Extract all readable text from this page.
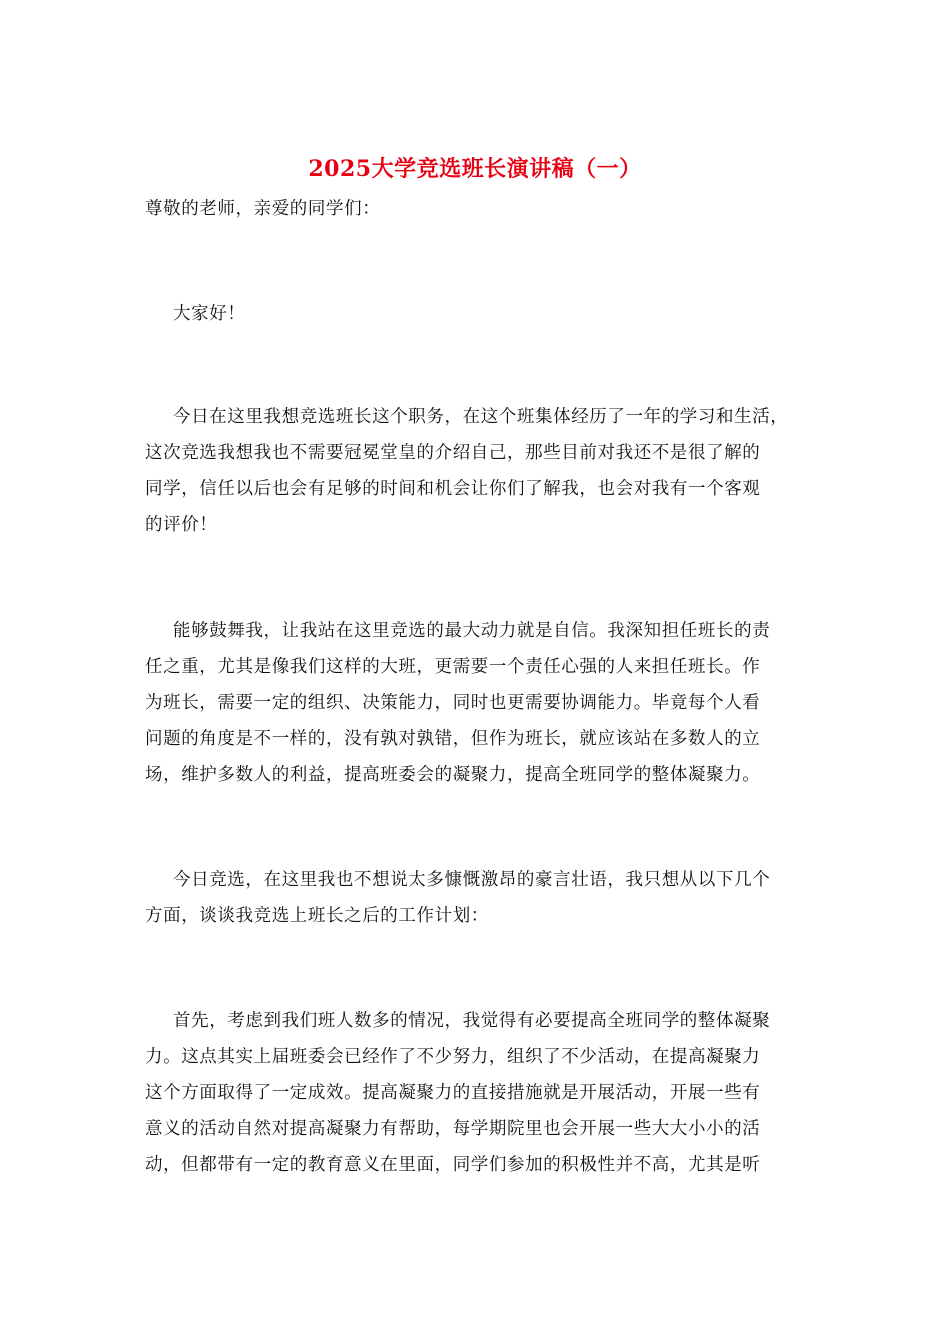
2025大学竞选班长演讲稿（一）
尊敬的老师，亲爱的同学们：
大家好！
今日在这里我想竞选班长这个职务，在这个班集体经历了一年的学习和生活，
这次竞选我想我也不需要冠冕堂皇的介绍自己，那些目前对我还不是很了解的
同学，信任以后也会有足够的时间和机会让你们了解我，也会对我有一个客观
的评价！
能够鼓舞我，让我站在这里竞选的最大动力就是自信。我深知担任班长的责
任之重，尤其是像我们这样的大班，更需要一个责任心强的人来担任班长。作
为班长，需要一定的组织、决策能力，同时也更需要协调能力。毕竟每个人看
问题的角度是不一样的，没有孰对孰错，但作为班长，就应该站在多数人的立
场，维护多数人的利益，提高班委会的凝聚力，提高全班同学的整体凝聚力。
今日竞选，在这里我也不想说太多慷慨激昂的豪言壮语，我只想从以下几个
方面，谈谈我竞选上班长之后的工作计划：
首先，考虑到我们班人数多的情况，我觉得有必要提高全班同学的整体凝聚
力。这点其实上届班委会已经作了不少努力，组织了不少活动，在提高凝聚力
这个方面取得了一定成效。提高凝聚力的直接措施就是开展活动，开展一些有
意义的活动自然对提高凝聚力有帮助，每学期院里也会开展一些大大小小的活
动，但都带有一定的教育意义在里面，同学们参加的积极性并不高，尤其是听
